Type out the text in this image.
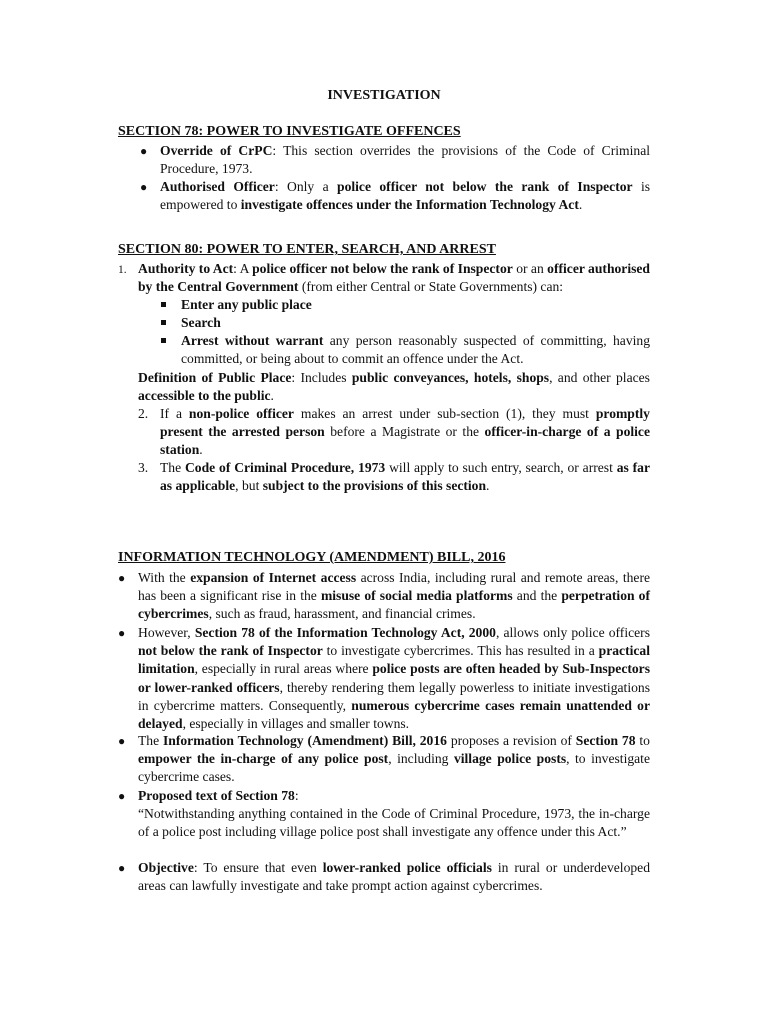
INVESTIGATION
SECTION 78: POWER TO INVESTIGATE OFFENCES
● Override of CrPC: This section overrides the provisions of the Code of Criminal Procedure, 1973.
● Authorised Officer: Only a police officer not below the rank of Inspector is empowered to investigate offences under the Information Technology Act.
SECTION 80: POWER TO ENTER, SEARCH, AND ARREST
1. Authority to Act: A police officer not below the rank of Inspector or an officer authorised by the Central Government (from either Central or State Governments) can:
Enter any public place
Search
Arrest without warrant any person reasonably suspected of committing, having committed, or being about to commit an offence under the Act.
Definition of Public Place: Includes public conveyances, hotels, shops, and other places accessible to the public.
2. If a non-police officer makes an arrest under sub-section (1), they must promptly present the arrested person before a Magistrate or the officer-in-charge of a police station.
3. The Code of Criminal Procedure, 1973 will apply to such entry, search, or arrest as far as applicable, but subject to the provisions of this section.
INFORMATION TECHNOLOGY (AMENDMENT) BILL, 2016
● With the expansion of Internet access across India, including rural and remote areas, there has been a significant rise in the misuse of social media platforms and the perpetration of cybercrimes, such as fraud, harassment, and financial crimes.
● However, Section 78 of the Information Technology Act, 2000, allows only police officers not below the rank of Inspector to investigate cybercrimes. This has resulted in a practical limitation, especially in rural areas where police posts are often headed by Sub-Inspectors or lower-ranked officers, thereby rendering them legally powerless to initiate investigations in cybercrime matters. Consequently, numerous cybercrime cases remain unattended or delayed, especially in villages and smaller towns.
● The Information Technology (Amendment) Bill, 2016 proposes a revision of Section 78 to empower the in-charge of any police post, including village police posts, to investigate cybercrime cases.
● Proposed text of Section 78:
“Notwithstanding anything contained in the Code of Criminal Procedure, 1973, the in-charge of a police post including village police post shall investigate any offence under this Act.”
● Objective: To ensure that even lower-ranked police officials in rural or underdeveloped areas can lawfully investigate and take prompt action against cybercrimes.
